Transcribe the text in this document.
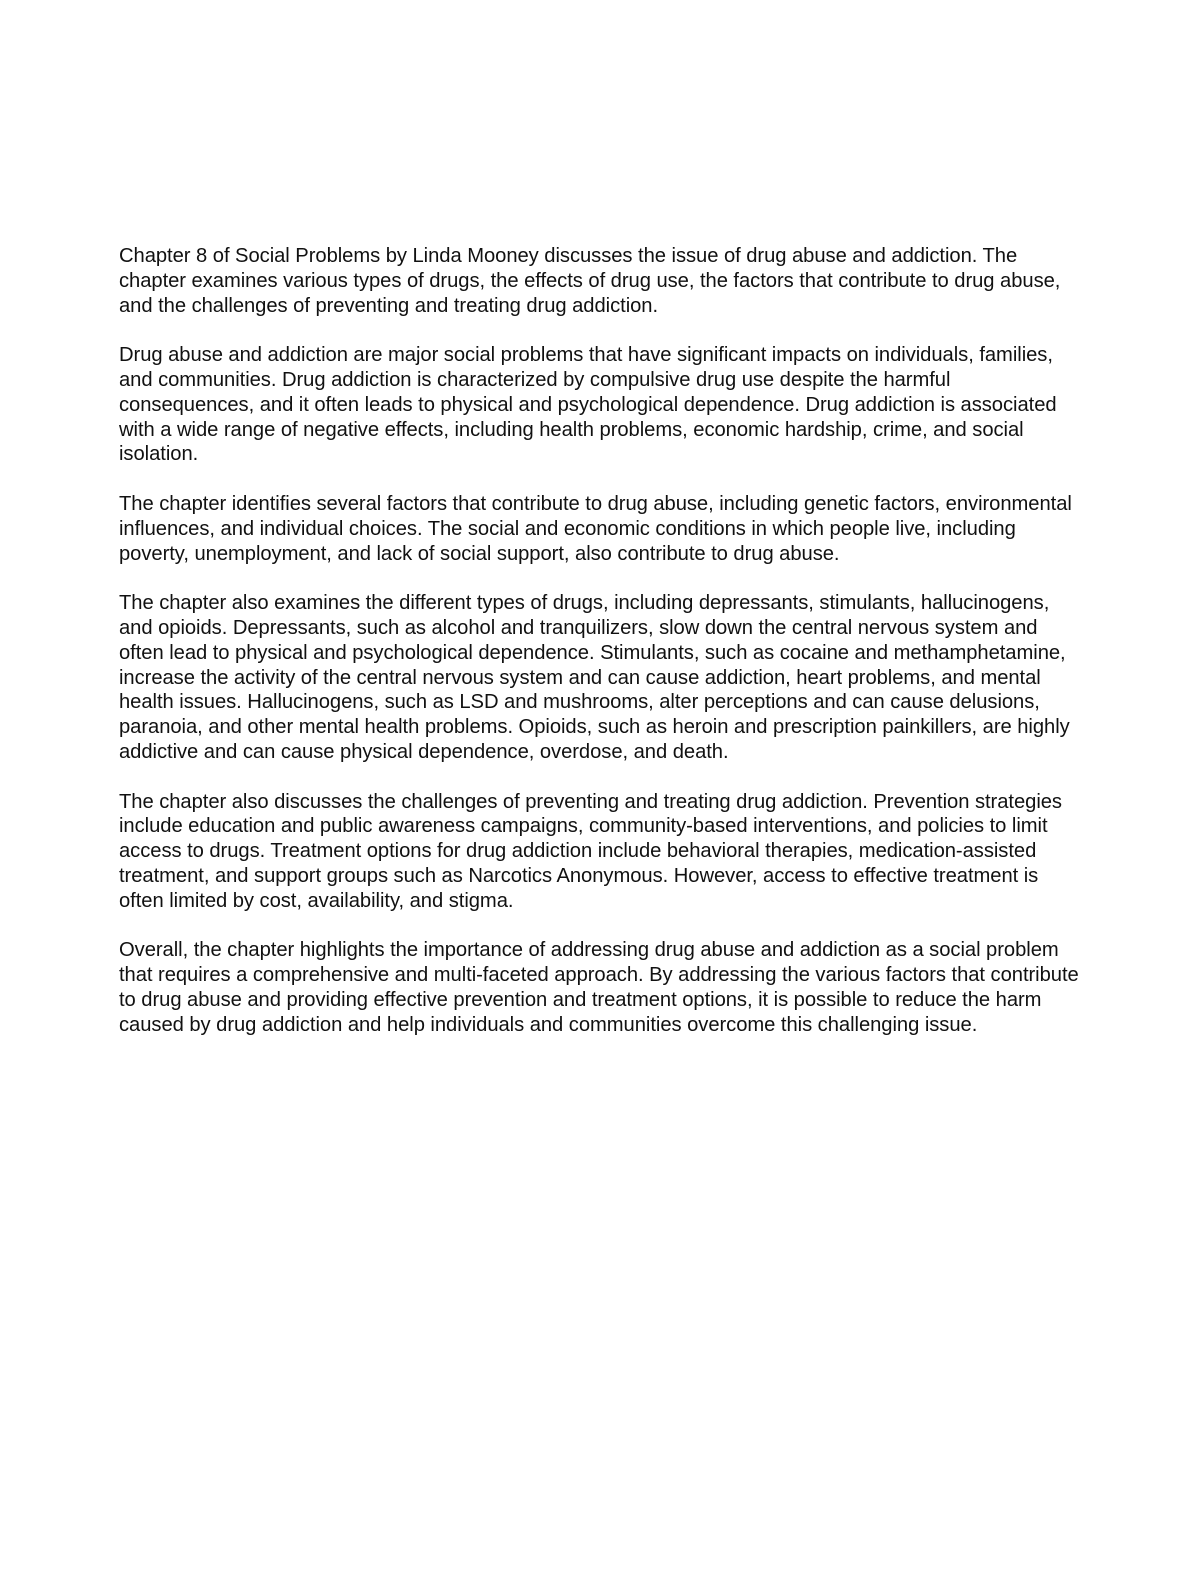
Chapter 8 of Social Problems by Linda Mooney discusses the issue of drug abuse and addiction. The chapter examines various types of drugs, the effects of drug use, the factors that contribute to drug abuse, and the challenges of preventing and treating drug addiction.

Drug abuse and addiction are major social problems that have significant impacts on individuals, families, and communities. Drug addiction is characterized by compulsive drug use despite the harmful consequences, and it often leads to physical and psychological dependence. Drug addiction is associated with a wide range of negative effects, including health problems, economic hardship, crime, and social isolation.

The chapter identifies several factors that contribute to drug abuse, including genetic factors, environmental influences, and individual choices. The social and economic conditions in which people live, including poverty, unemployment, and lack of social support, also contribute to drug abuse.

The chapter also examines the different types of drugs, including depressants, stimulants, hallucinogens, and opioids. Depressants, such as alcohol and tranquilizers, slow down the central nervous system and often lead to physical and psychological dependence. Stimulants, such as cocaine and methamphetamine, increase the activity of the central nervous system and can cause addiction, heart problems, and mental health issues. Hallucinogens, such as LSD and mushrooms, alter perceptions and can cause delusions, paranoia, and other mental health problems. Opioids, such as heroin and prescription painkillers, are highly addictive and can cause physical dependence, overdose, and death.

The chapter also discusses the challenges of preventing and treating drug addiction. Prevention strategies include education and public awareness campaigns, community-based interventions, and policies to limit access to drugs. Treatment options for drug addiction include behavioral therapies, medication-assisted treatment, and support groups such as Narcotics Anonymous. However, access to effective treatment is often limited by cost, availability, and stigma.

Overall, the chapter highlights the importance of addressing drug abuse and addiction as a social problem that requires a comprehensive and multi-faceted approach. By addressing the various factors that contribute to drug abuse and providing effective prevention and treatment options, it is possible to reduce the harm caused by drug addiction and help individuals and communities overcome this challenging issue.
